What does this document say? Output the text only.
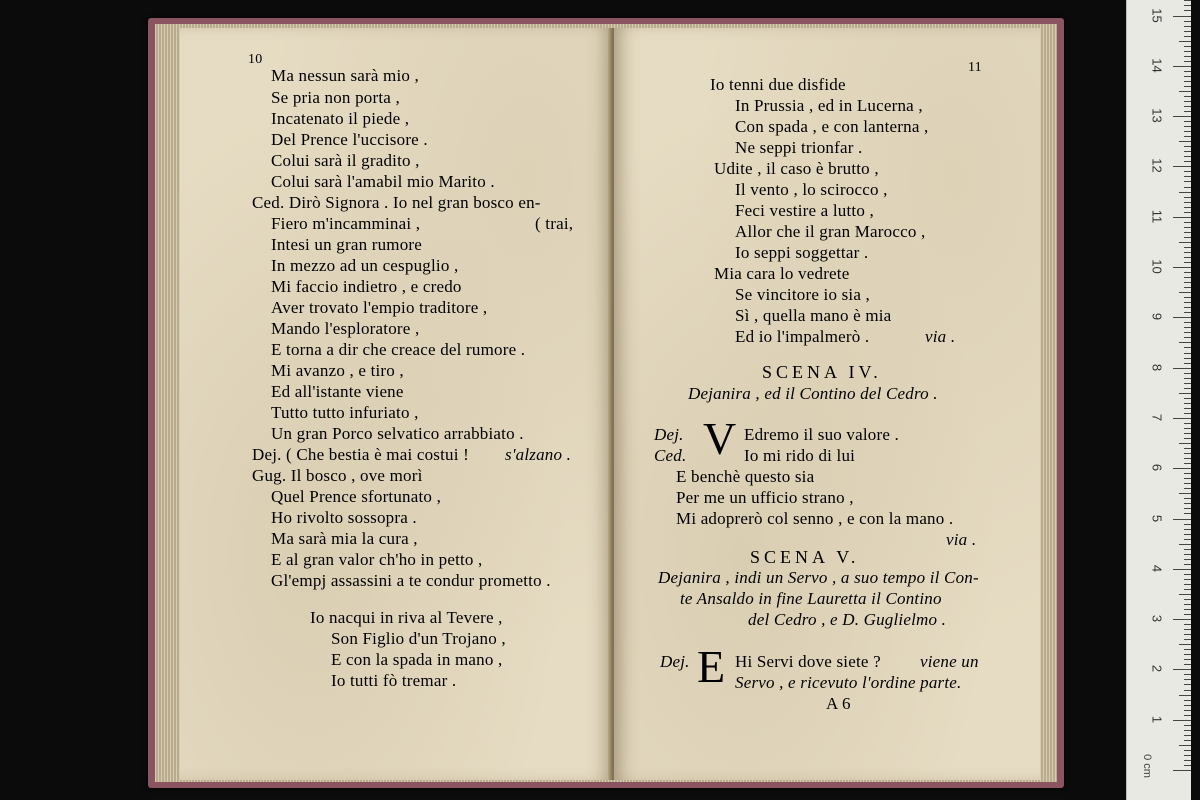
10
Ma nessun sarà mio ,
Se pria non porta ,
Incatenato il piede ,
Del Prence l'uccisore .
Colui sarà il gradito ,
Colui sarà l'amabil mio Marito .
Ced. Dirò Signora . Io nel gran bosco en-
Fiero m'incamminai ,	( trai,
Intesi un gran rumore
In mezzo ad un cespuglio ,
Mi faccio indietro , e credo
Aver trovato l'empio traditore ,
Mando l'esploratore ,
E torna a dir che creace del rumore .
Mi avanzo , e tiro ,
Ed all'istante viene
Tutto tutto infuriato ,
Un gran Porco selvatico arrabbiato .
Dej. ( Che bestia è mai costui ! s'alzano .
Gug. Il bosco , ove morì
Quel Prence sfortunato ,
Ho rivolto sossopra .
Ma sarà mia la cura ,
E al gran valor ch'ho in petto ,
Gl'empj assassini a te condur prometto .
Io nacqui in riva al Tevere ,
Son Figlio d'un Trojano ,
E con la spada in mano ,
Io tutti fò tremar .
11
Io tenni due disfide
In Prussia , ed in Lucerna ,
Con spada , e con lanterna ,
Ne seppi trionfar .
Udite , il caso è brutto ,
Il vento , lo scirocco ,
Feci vestire a lutto ,
Allor che il gran Marocco ,
Io seppi soggettar .
Mia cara lo vedrete
Se vincitore io sia ,
Sì , quella mano è mia
Ed io l'impalmerò .	via .
SCENA IV.
Dejanira , ed il Contino del Cedro .
Dej. V Edremo il suo valore .
Ced.	Io mi rido di lui
E benchè questo sia
Per me un ufficio strano ,
Mi adoprerò col senno , e con la mano .
via .
SCENA V.
Dejanira , indi un Servo , a suo tempo il Con-
te Ansaldo in fine Lauretta il Contino
del Cedro , e D. Guglielmo .
Dej. E Hi Servi dove siete ? viene un
Servo , e ricevuto l'ordine parte.
A 6
1
2
3
4
5
6
7
8
9
10
11
12
13
14
15
0 cm
